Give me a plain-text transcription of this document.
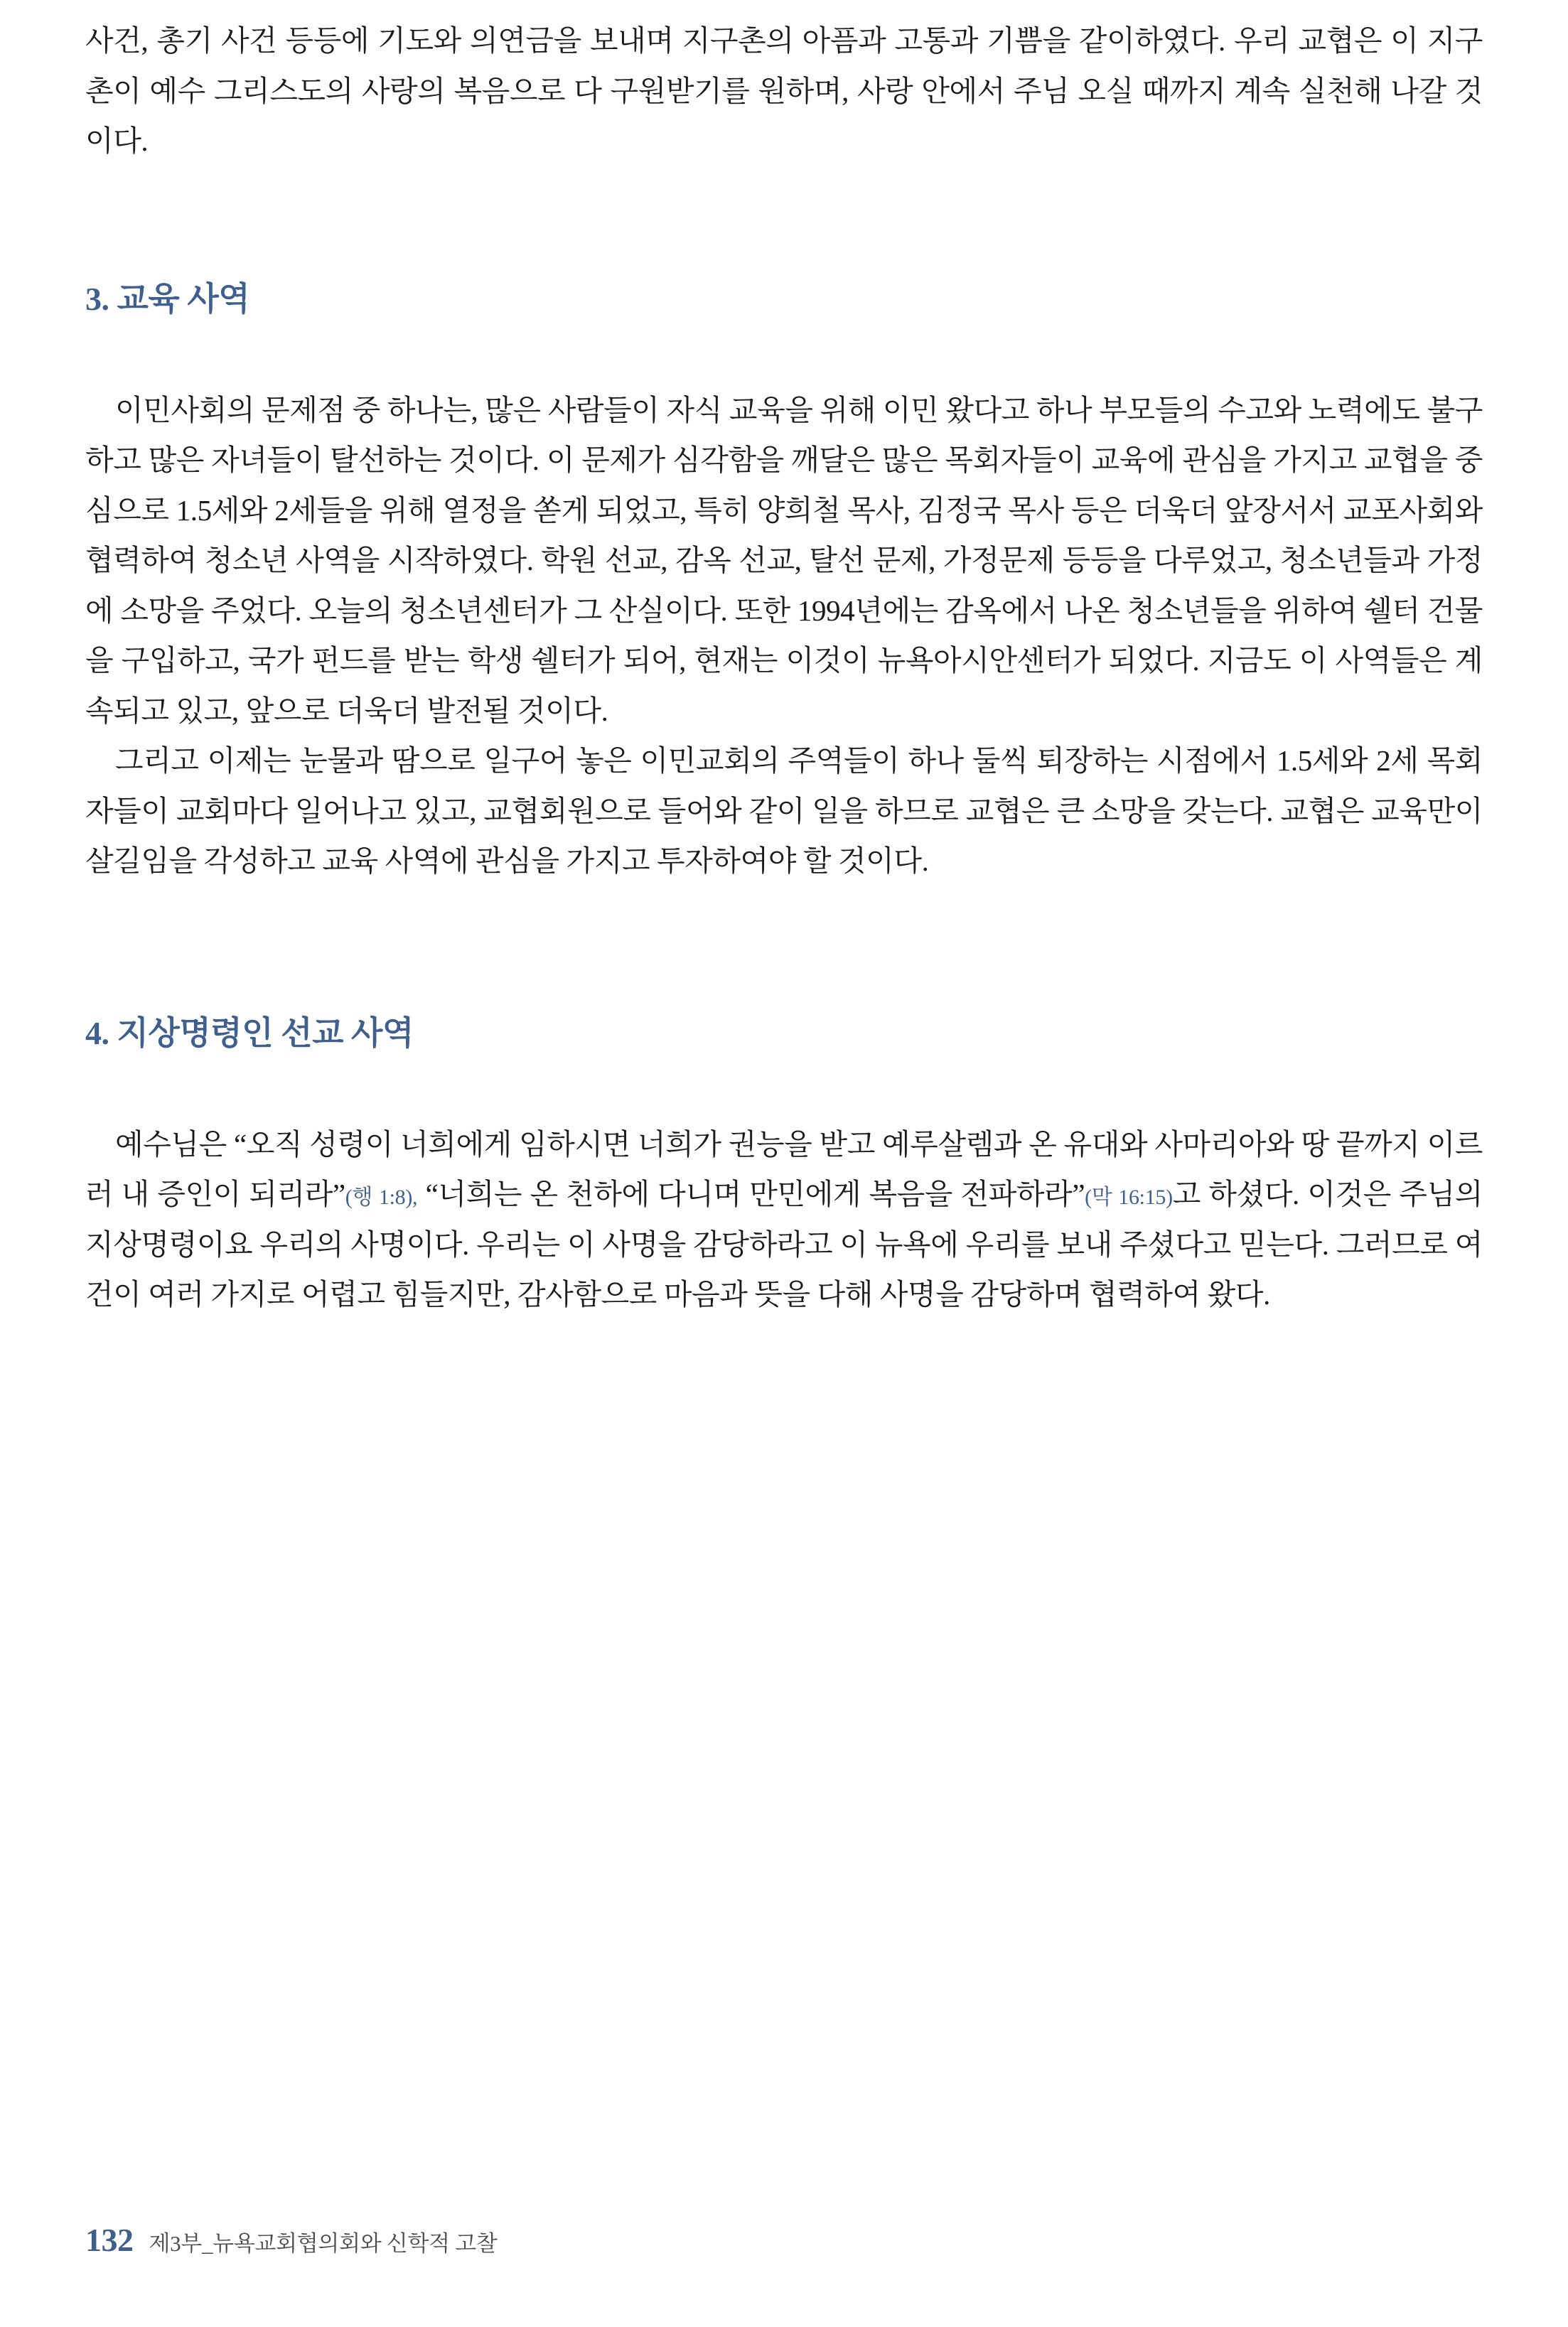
사건, 총기 사건 등등에 기도와 의연금을 보내며 지구촌의 아픔과 고통과 기쁨을 같이하였다. 우리 교협은 이 지구촌이 예수 그리스도의 사랑의 복음으로 다 구원받기를 원하며, 사랑 안에서 주님 오실 때까지 계속 실천해 나갈 것이다.

3. 교육 사역

이민사회의 문제점 중 하나는, 많은 사람들이 자식 교육을 위해 이민 왔다고 하나 부모들의 수고와 노력에도 불구하고 많은 자녀들이 탈선하는 것이다. 이 문제가 심각함을 깨달은 많은 목회자들이 교육에 관심을 가지고 교협을 중심으로 1.5세와 2세들을 위해 열정을 쏟게 되었고, 특히 양희철 목사, 김정국 목사 등은 더욱더 앞장서서 교포사회와 협력하여 청소년 사역을 시작하였다. 학원 선교, 감옥 선교, 탈선 문제, 가정문제 등등을 다루었고, 청소년들과 가정에 소망을 주었다. 오늘의 청소년센터가 그 산실이다. 또한 1994년에는 감옥에서 나온 청소년들을 위하여 쉘터 건물을 구입하고, 국가 펀드를 받는 학생 쉘터가 되어, 현재는 이것이 뉴욕아시안센터가 되었다. 지금도 이 사역들은 계속되고 있고, 앞으로 더욱더 발전될 것이다.

그리고 이제는 눈물과 땀으로 일구어 놓은 이민교회의 주역들이 하나 둘씩 퇴장하는 시점에서 1.5세와 2세 목회자들이 교회마다 일어나고 있고, 교협회원으로 들어와 같이 일을 하므로 교협은 큰 소망을 갖는다. 교협은 교육만이 살길임을 각성하고 교육 사역에 관심을 가지고 투자하여야 할 것이다.

4. 지상명령인 선교 사역

예수님은 “오직 성령이 너희에게 임하시면 너희가 권능을 받고 예루살렘과 온 유대와 사마리아와 땅 끝까지 이르러 내 증인이 되리라”(행 1:8), “너희는 온 천하에 다니며 만민에게 복음을 전파하라”(막 16:15)고 하셨다. 이것은 주님의 지상명령이요 우리의 사명이다. 우리는 이 사명을 감당하라고 이 뉴욕에 우리를 보내 주셨다고 믿는다. 그러므로 여건이 여러 가지로 어렵고 힘들지만, 감사함으로 마음과 뜻을 다해 사명을 감당하며 협력하여 왔다.

132 제3부_뉴욕교회협의회와 신학적 고찰
